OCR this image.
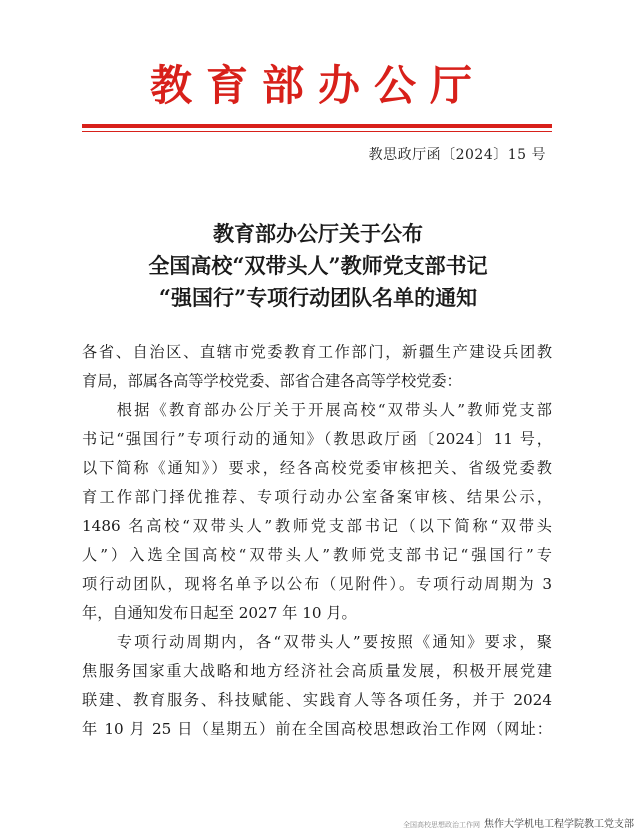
教育部办公厅
教思政厅函〔2024〕15 号
教育部办公厅关于公布
全国高校“双带头人”教师党支部书记
“强国行”专项行动团队名单的通知
各省、自治区、直辖市党委教育工作部门，新疆生产建设兵团教
育局，部属各高等学校党委、部省合建各高等学校党委：
　　根据《教育部办公厅关于开展高校“双带头人”教师党支部
书记“强国行”专项行动的通知》（教思政厅函〔2024〕11 号，
以下简称《通知》）要求，经各高校党委审核把关、省级党委教
育工作部门择优推荐、专项行动办公室备案审核、结果公示，
1486 名高校“双带头人”教师党支部书记（以下简称“双带头
人”）入选全国高校“双带头人”教师党支部书记“强国行”专
项行动团队，现将名单予以公布（见附件）。专项行动周期为 3
年，自通知发布日起至 2027 年 10 月。
　　专项行动周期内，各“双带头人”要按照《通知》要求，聚
焦服务国家重大战略和地方经济社会高质量发展，积极开展党建
联建、教育服务、科技赋能、实践育人等各项任务，并于 2024
年 10 月 25 日（星期五）前在全国高校思想政治工作网（网址：
全国高校思想政治工作网 焦作大学机电工程学院教工党支部
